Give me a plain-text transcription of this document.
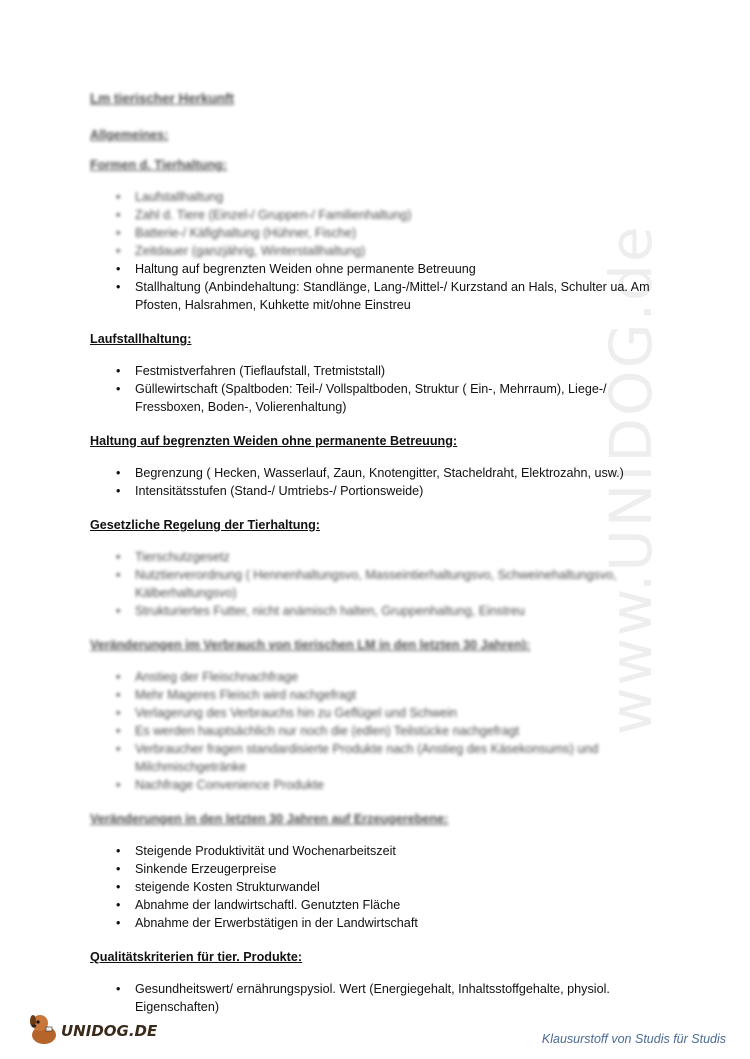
www.UNIDOG.de
Lm tierischer Herkunft
Allgemeines:
Formen d. Tierhaltung:
• Laufstallhaltung
• Zahl d. Tiere (Einzel-/ Gruppen-/ Familienhaltung)
• Batterie-/ Käfighaltung (Hühner, Fische)
• Zeitdauer (ganzjährig, Winterstallhaltung)
• Haltung auf begrenzten Weiden ohne permanente Betreuung
• Stallhaltung (Anbindehaltung: Standlänge, Lang-/Mittel-/ Kurzstand an Hals, Schulter ua. Am Pfosten, Halsrahmen, Kuhkette mit/ohne Einstreu
Laufstallhaltung:
• Festmistverfahren (Tieflaufstall, Tretmiststall)
• Güllewirtschaft (Spaltboden: Teil-/ Vollspaltboden, Struktur ( Ein-, Mehrraum), Liege-/ Fressboxen, Boden-, Volierenhaltung)
Haltung auf begrenzten Weiden ohne permanente Betreuung:
• Begrenzung ( Hecken, Wasserlauf, Zaun, Knotengitter, Stacheldraht, Elektrozahn, usw.)
• Intensitätsstufen (Stand-/ Umtriebs-/ Portionsweide)
Gesetzliche Regelung der Tierhaltung:
• Tierschutzgesetz
• Nutztierverordnung ( Hennenhaltungsvo, Masseintierhaltungsvo, Schweinehaltungsvo, Kälberhaltungsvo)
• Strukturiertes Futter, nicht anämisch halten, Gruppenhaltung, Einstreu
Veränderungen im Verbrauch von tierischen LM in den letzten 30 Jahren):
• Anstieg der Fleischnachfrage
• Mehr Mageres Fleisch wird nachgefragt
• Verlagerung des Verbrauchs hin zu Geflügel und Schwein
• Es werden hauptsächlich nur noch die (edlen) Teilstücke nachgefragt
• Verbraucher fragen standardisierte Produkte nach (Anstieg des Käsekonsums) und Milchmischgetränke
• Nachfrage Convenience Produkte
Veränderungen in den letzten 30 Jahren auf Erzeugerebene:
• Steigende Produktivität und Wochenarbeitszeit
• Sinkende Erzeugerpreise
• steigende Kosten Strukturwandel
• Abnahme der landwirtschaftl. Genutzten Fläche
• Abnahme der Erwerbstätigen in der Landwirtschaft
Qualitätskriterien für tier. Produkte:
• Gesundheitswert/ ernährungspysiol. Wert (Energiegehalt, Inhaltsstoffgehalte, physiol. Eigenschaften)
UNIDOG.DE	Klausurstoff von Studis für Studis
